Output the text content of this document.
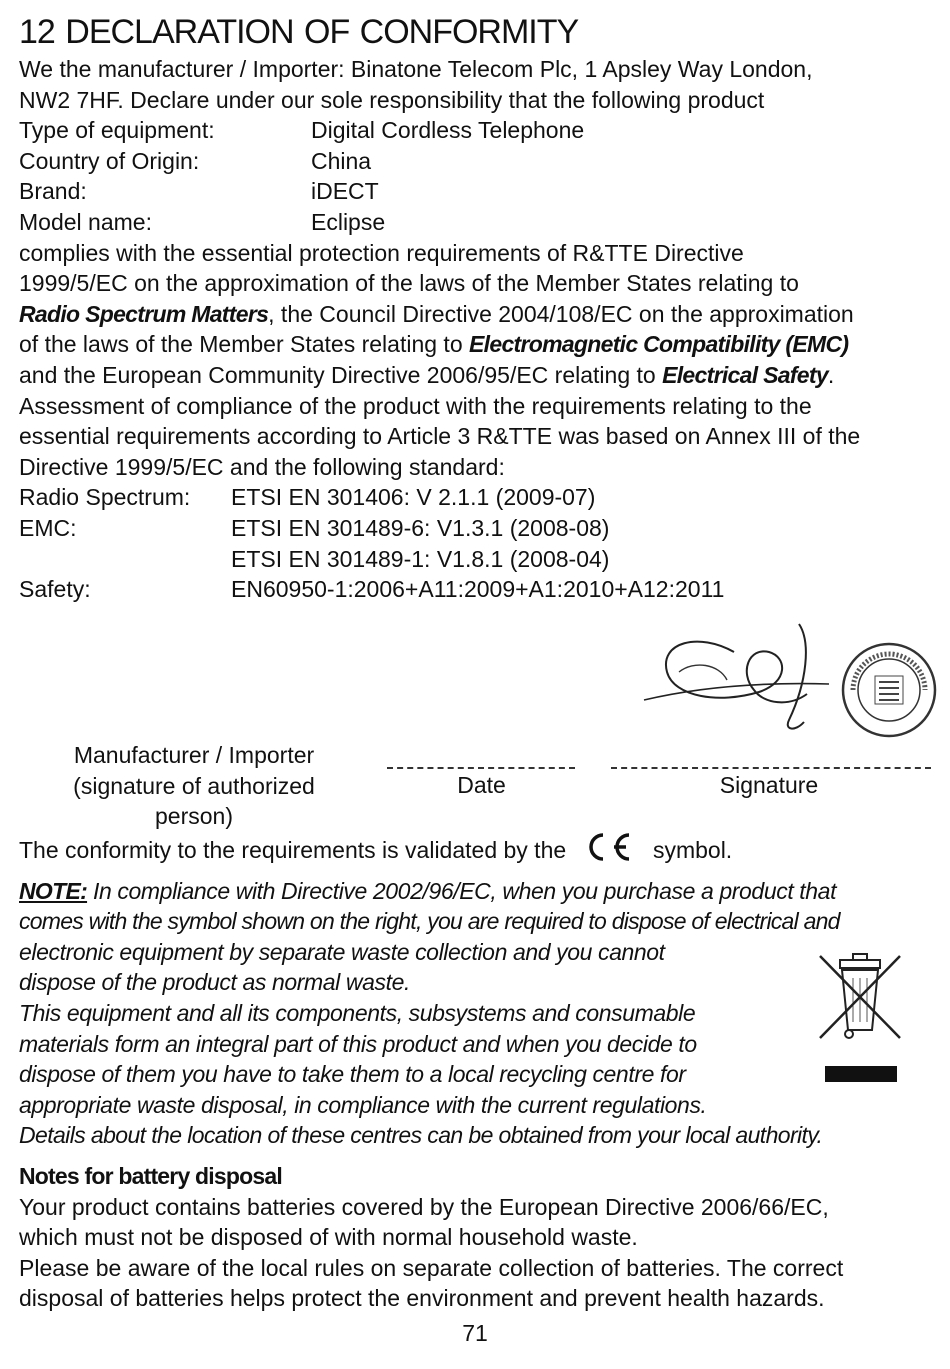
12 DECLARATION OF CONFORMITY
We the manufacturer / Importer: Binatone Telecom Plc, 1 Apsley Way London,
NW2 7HF. Declare under our sole responsibility that the following product
Type of equipment:	Digital Cordless Telephone
Country of Origin:	China
Brand:	iDECT
Model name:	Eclipse
complies with the essential protection requirements of R&TTE Directive
1999/5/EC on the approximation of the laws of the Member States relating to
Radio Spectrum Matters, the Council Directive 2004/108/EC on the approximation
of the laws of the Member States relating to Electromagnetic Compatibility (EMC)
and the European Community Directive 2006/95/EC relating to Electrical Safety.
Assessment of compliance of the product with the requirements relating to the
essential requirements according to Article 3 R&TTE was based on Annex III of the
Directive 1999/5/EC and the following standard:
Radio Spectrum: ETSI EN 301406: V 2.1.1 (2009-07)
EMC:	ETSI EN 301489-6: V1.3.1 (2008-08)
ETSI EN 301489-1: V1.8.1 (2008-04)
Safety:	EN60950-1:2006+A11:2009+A1:2010+A12:2011
Manufacturer / Importer
(signature of authorized
person)
Date	Signature
The conformity to the requirements is validated by the	symbol.
NOTE: In compliance with Directive 2002/96/EC, when you purchase a product that
comes with the symbol shown on the right, you are required to dispose of electrical and
electronic equipment by separate waste collection and you cannot
dispose of the product as normal waste.
This equipment and all its components, subsystems and consumable
materials form an integral part of this product and when you decide to
dispose of them you have to take them to a local recycling centre for
appropriate waste disposal, in compliance with the current regulations.
Details about the location of these centres can be obtained from your local authority.
Notes for battery disposal
Your product contains batteries covered by the European Directive 2006/66/EC,
which must not be disposed of with normal household waste.
Please be aware of the local rules on separate collection of batteries. The correct
disposal of batteries helps protect the environment and prevent health hazards.
71
